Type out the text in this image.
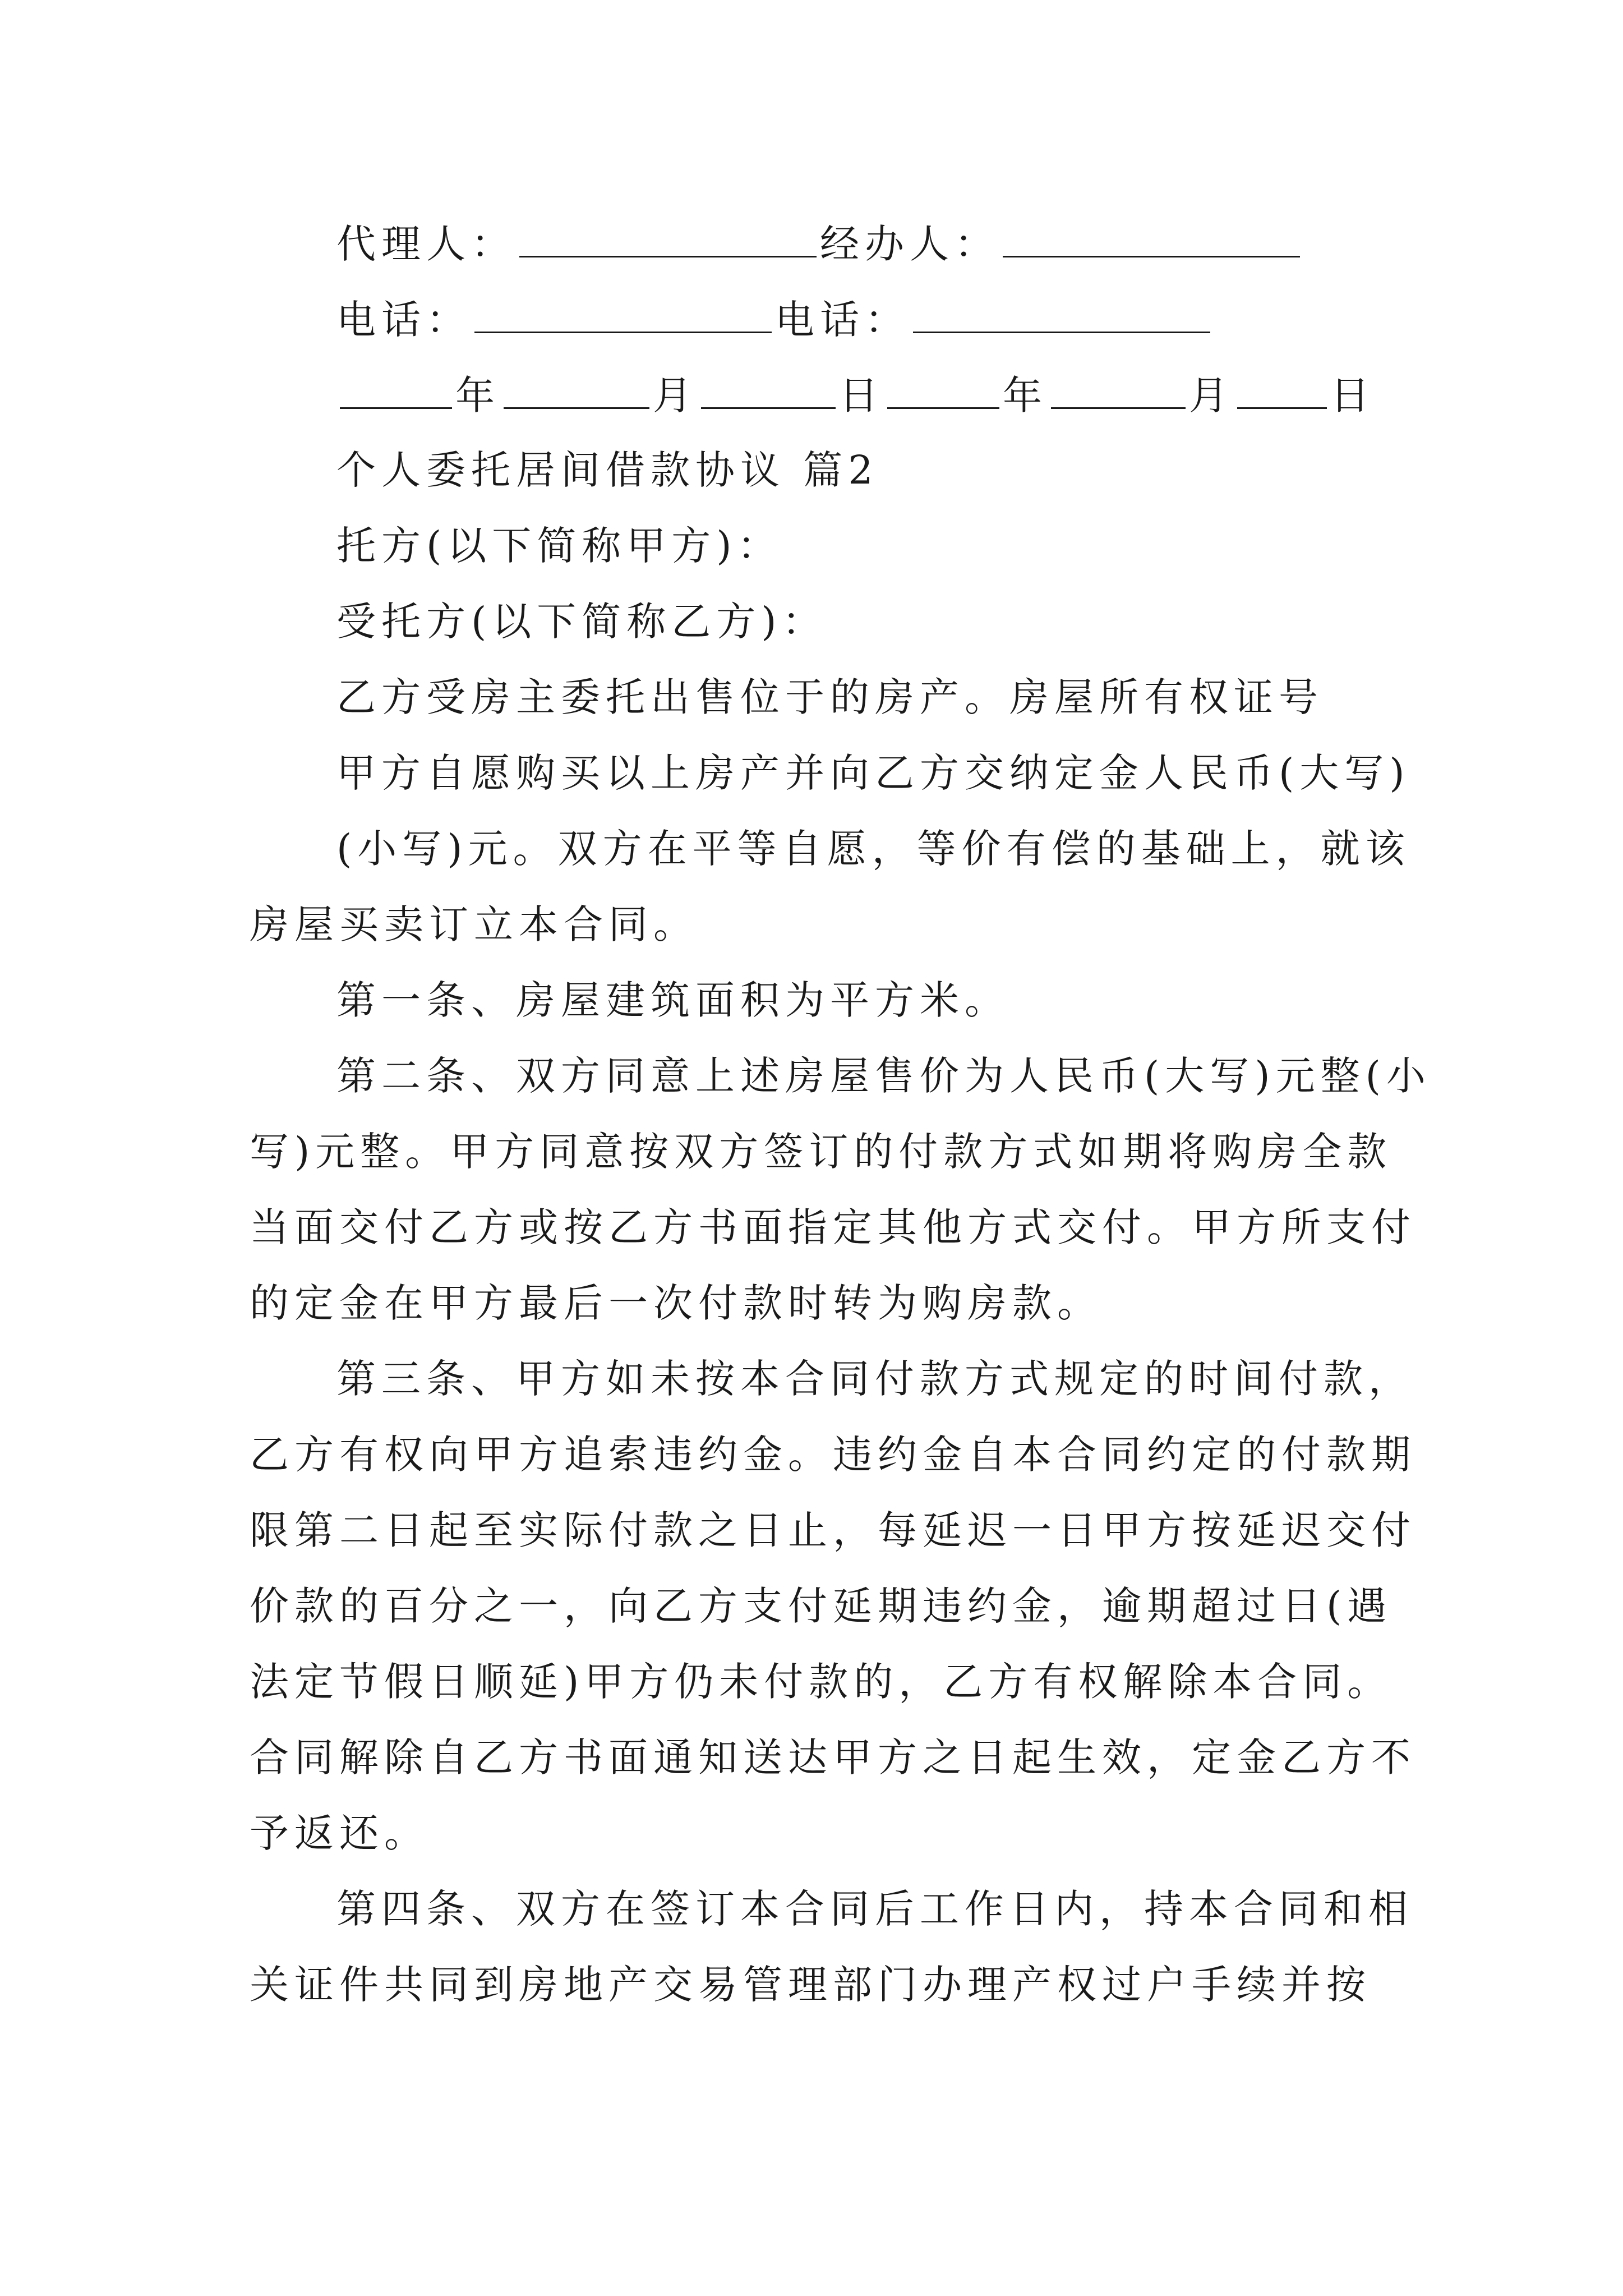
代理人：	经办人：
电话：	电话：
年	月	日	年	月 日
个人委托居间借款协议 篇2
托方(以下简称甲方)：
受托方(以下简称乙方)：
乙方受房主委托出售位于的房产。房屋所有权证号
甲方自愿购买以上房产并向乙方交纳定金人民币(大写)
(小写)元。双方在平等自愿，等价有偿的基础上，就该
房屋买卖订立本合同。
第一条、房屋建筑面积为平方米。
第二条、双方同意上述房屋售价为人民币(大写)元整(小
写)元整。甲方同意按双方签订的付款方式如期将购房全款
当面交付乙方或按乙方书面指定其他方式交付。甲方所支付
的定金在甲方最后一次付款时转为购房款。
第三条、甲方如未按本合同付款方式规定的时间付款，
乙方有权向甲方追索违约金。违约金自本合同约定的付款期
限第二日起至实际付款之日止，每延迟一日甲方按延迟交付
价款的百分之一，向乙方支付延期违约金，逾期超过日(遇
法定节假日顺延)甲方仍未付款的，乙方有权解除本合同。
合同解除自乙方书面通知送达甲方之日起生效，定金乙方不
予返还。
第四条、双方在签订本合同后工作日内，持本合同和相
关证件共同到房地产交易管理部门办理产权过户手续并按
